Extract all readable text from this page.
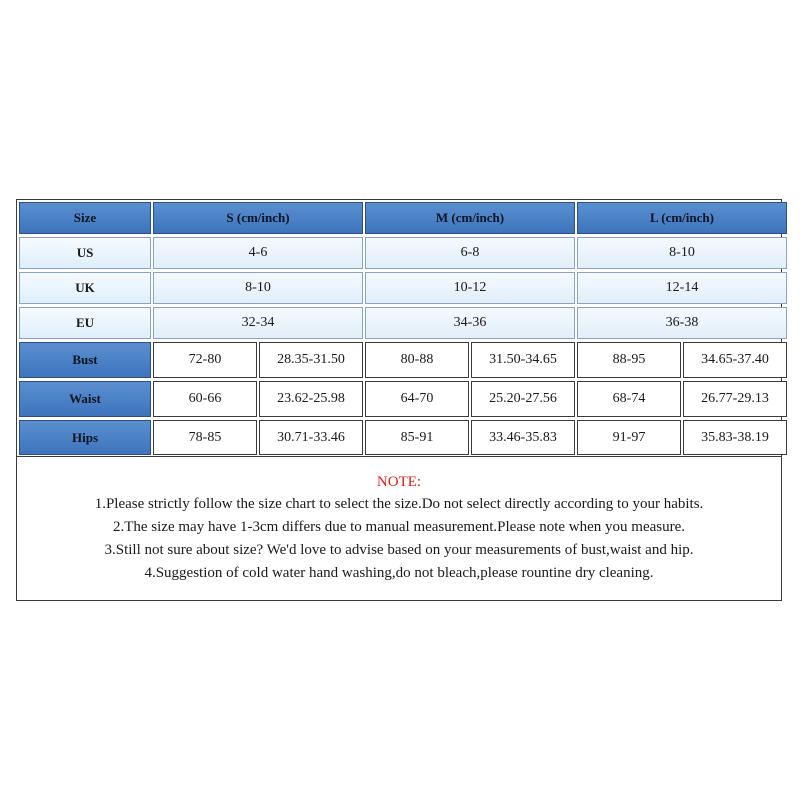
Size	S (cm/inch)	M (cm/inch)	L (cm/inch)
US	4-6	6-8	8-10
UK	8-10	10-12	12-14
EU	32-34	34-36	36-38
Bust	72-80	28.35-31.50	80-88	31.50-34.65	88-95	34.65-37.40
Waist	60-66	23.62-25.98	64-70	25.20-27.56	68-74	26.77-29.13
Hips	78-85	30.71-33.46	85-91	33.46-35.83	91-97	35.83-38.19
NOTE:
1.Please strictly follow the size chart to select the size.Do not select directly according to your habits.
2.The size may have 1-3cm differs due to manual measurement.Please note when you measure.
3.Still not sure about size? We'd love to advise based on your measurements of bust,waist and hip.
4.Suggestion of cold water hand washing,do not bleach,please rountine dry cleaning.
